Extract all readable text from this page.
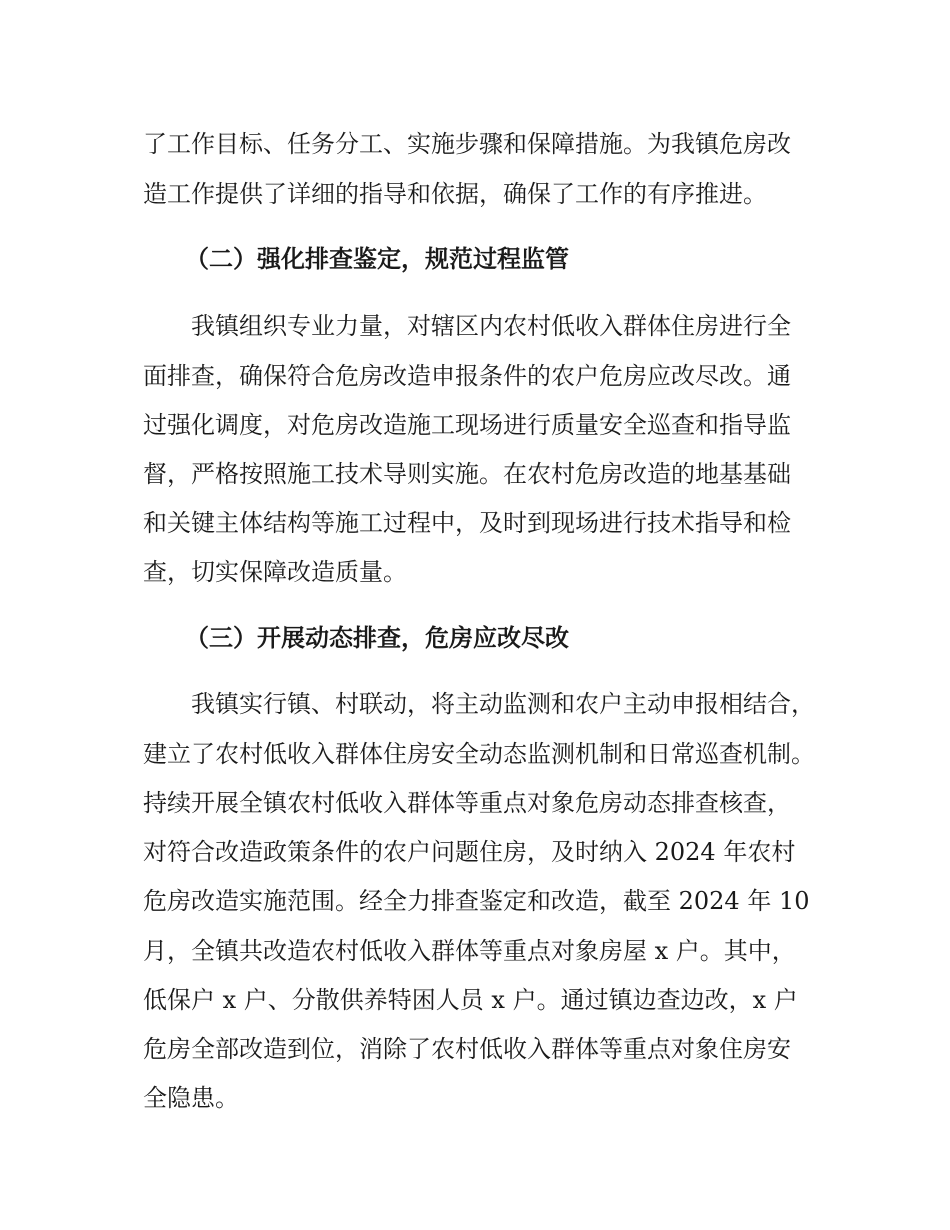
了工作目标、任务分工、实施步骤和保障措施。为我镇危房改
造工作提供了详细的指导和依据，确保了工作的有序推进。
（二）强化排查鉴定，规范过程监管
我镇组织专业力量，对辖区内农村低收入群体住房进行全
面排查，确保符合危房改造申报条件的农户危房应改尽改。通
过强化调度，对危房改造施工现场进行质量安全巡查和指导监
督，严格按照施工技术导则实施。在农村危房改造的地基基础
和关键主体结构等施工过程中，及时到现场进行技术指导和检
查，切实保障改造质量。
（三）开展动态排查，危房应改尽改
我镇实行镇、村联动，将主动监测和农户主动申报相结合，
建立了农村低收入群体住房安全动态监测机制和日常巡查机制。
持续开展全镇农村低收入群体等重点对象危房动态排查核查，
对符合改造政策条件的农户问题住房，及时纳入 2024 年农村
危房改造实施范围。经全力排查鉴定和改造，截至 2024 年 10
月，全镇共改造农村低收入群体等重点对象房屋 x 户。其中，
低保户 x 户、分散供养特困人员 x 户。通过镇边查边改，x 户
危房全部改造到位，消除了农村低收入群体等重点对象住房安
全隐患。
